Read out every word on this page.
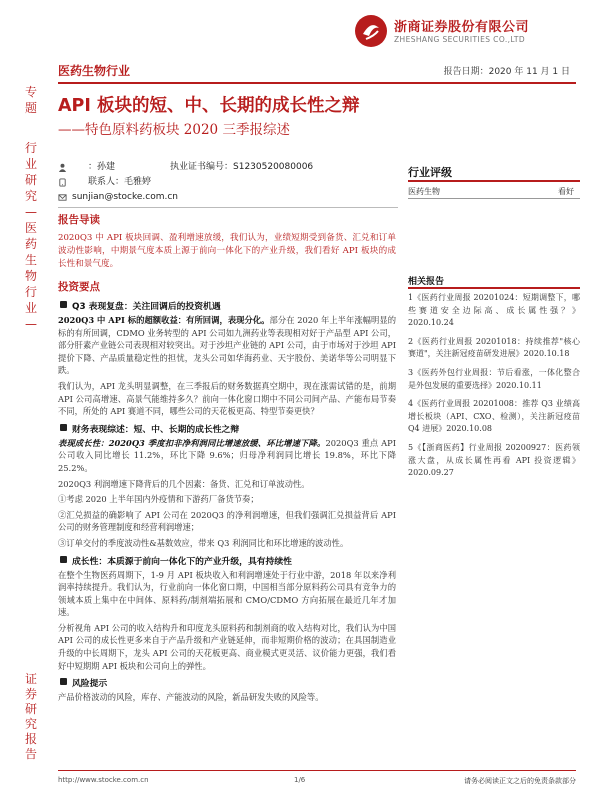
浙商证券股份有限公司
ZHESHANG SECURITIES CO.,LTD
医药生物行业	报告日期：2020 年 11 月 1 日
专
题
行
业
研
究
—
医
药
生
物
行
业
—
证
券
研
究
报
告
API 板块的短、中、长期的成长性之辩
——特色原料药板块 2020 三季报综述
：孙建	执业证书编号：S1230520080006
联系人：毛雅婷
sunjian@stocke.com.cn
报告导读
2020Q3 中 API 板块回调、盈利增速放缓，我们认为，业绩短期受到备货、汇兑和订单波动性影响，中期景气度本质上源于前向一体化下的产业升级，我们看好 API 板块的成长性和景气度。
投资要点
Q3 表现复盘：关注回调后的投资机遇
2020Q3 中 API 标的超额收益：有所回调，表现分化。部分在 2020 年上半年涨幅明显的标的有所回调，CDMO 业务转型的 API 公司如九洲药业等表现相对好于产品型 API 公司，部分肝素产业链公司表现相对较突出。对于沙坦产业链的 API 公司，由于市场对于沙坦 API 提价下降、产品质量稳定性的担忧，龙头公司如华海药业、天宇股份、美诺华等公司明显下跌。
我们认为，API 龙头明显调整，在三季报后的财务数据真空期中，现在涨需试错的是，前期 API 公司高增速、高景气能维持多久？前向一体化窗口期中不同公司间产品、产能布局节奏不同，所处的 API 赛道不同，哪些公司的天花板更高、特型节奏更快？
财务表现综述：短、中、长期的成长性之辩
表现成长性：2020Q3 季度扣非净利润同比增速放缓、环比增速下降。2020Q3 重点 API 公司收入同比增长 11.2%，环比下降 9.6%；归母净利润同比增长 19.8%，环比下降 25.2%。
2020Q3 利润增速下降背后的几个因素：备货、汇兑和订单波动性。
①考虑 2020 上半年国内外疫情和下游药厂备货节奏；
②汇兑损益的确影响了 API 公司在 2020Q3 的净利润增速，但我们强调汇兑损益背后 API 公司的财务管理制度和经营利润增速；
③订单交付的季度波动性&基数效应，带来 Q3 利润同比和环比增速的波动性。
成长性：本质源于前向一体化下的产业升级，具有持续性
在整个生物医药周期下，1-9 月 API 板块收入和利润增速处于行业中游，2018 年以来净利润率持续提升。我们认为，行业前向一体化窗口期，中国相当部分原料药公司具有竞争力的领域本质上集中在中间体、原料药/制剂端拓展和 CMO/CDMO 方向拓展在最近几年才加速。
分析视角 API 公司的收入结构升和印度龙头原料药和制剂商的收入结构对比，我们认为中国 API 公司的成长性更多来自于产品升级和产业链延伸，而非短期价格的波动；在具国制造业升级的中长周期下，龙头 API 公司的天花板更高、商业模式更灵活、议价能力更强，我们看好中短期期 API 板块和公司向上的弹性。
风险提示
产品价格波动的风险，库存、产能波动的风险，新品研发失败的风险等。
行业评级
医药生物	看好
相关报告
1《医药行业周报 20201024：短期调整下，哪些赛道安全边际高、成长属性强？》2020.10.24
2《医药行业周报 20201018：持续推荐"核心赛道"，关注新冠疫苗研发进展》2020.10.18
3《医药外包行业周报：节后看涨，一体化整合是外包发展的重要选择》2020.10.11
4《医药行业周报 20201008：推荐 Q3 业绩高增长板块（API、CXO、检测），关注新冠疫苗 Q4 进展》2020.10.08
5《【浙商医药】行业周报 20200927：医药领涨大盘，从成长属性再看 API 投资逻辑》2020.09.27
http://www.stocke.com.cn	1/6	请务必阅读正文之后的免责条款部分
